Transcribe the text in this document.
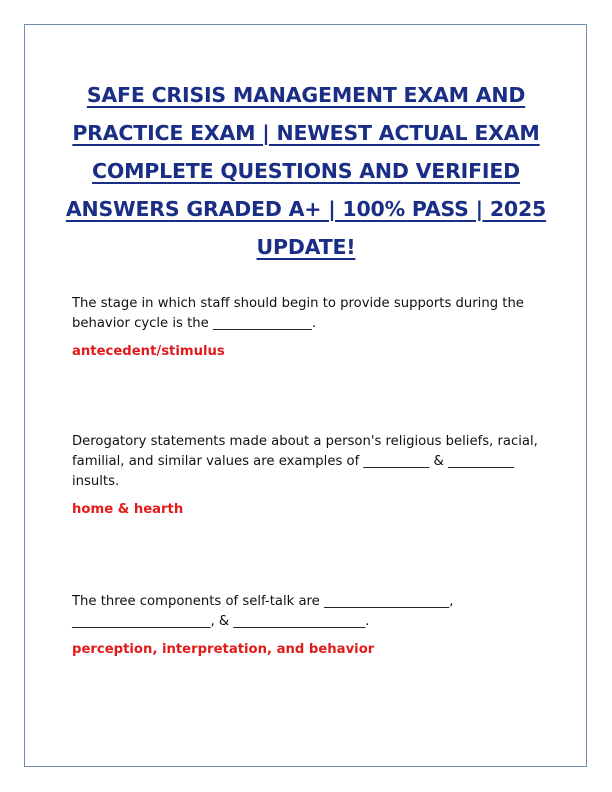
SAFE CRISIS MANAGEMENT EXAM AND PRACTICE EXAM | NEWEST ACTUAL EXAM COMPLETE QUESTIONS AND VERIFIED ANSWERS GRADED A+ | 100% PASS | 2025 UPDATE!

The stage in which staff should begin to provide supports during the behavior cycle is the _______________.

antecedent/stimulus

Derogatory statements made about a person's religious beliefs, racial, familial, and similar values are examples of __________ & __________ insults.

home & hearth

The three components of self-talk are ___________________, _____________________, & ____________________.

perception, interpretation, and behavior
